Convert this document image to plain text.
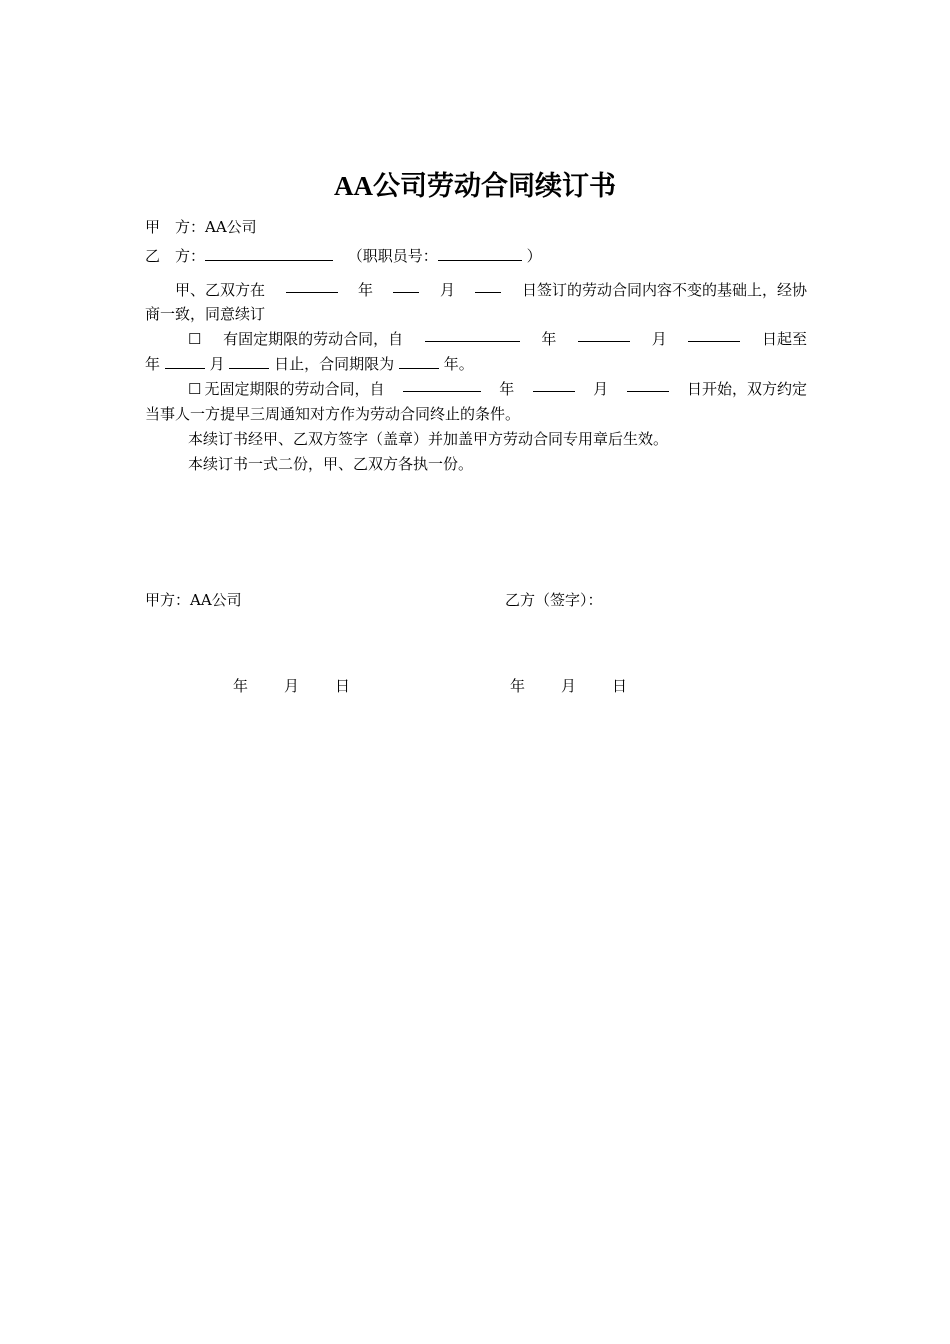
AA公司劳动合同续订书
甲　方：AA公司
乙　方：	（职职员号：	）
甲、乙双方在	年	月	日签订的劳动合同内容不变的基础上，经协
商一致，同意续订
☐ 有固定期限的劳动合同，自	年	月	日起至
年	月	日止，合同期限为	年。
☐  无固定期限的劳动合同，自	年	月	日开始，双方约定
当事人一方提早三周通知对方作为劳动合同终止的条件。
本续订书经甲、乙双方签字（盖章）并加盖甲方劳动合同专用章后生效。
本续订书一式二份，甲、乙双方各执一份。
甲方：AA公司	乙方（签字）：
年 月 日	年 月 日
